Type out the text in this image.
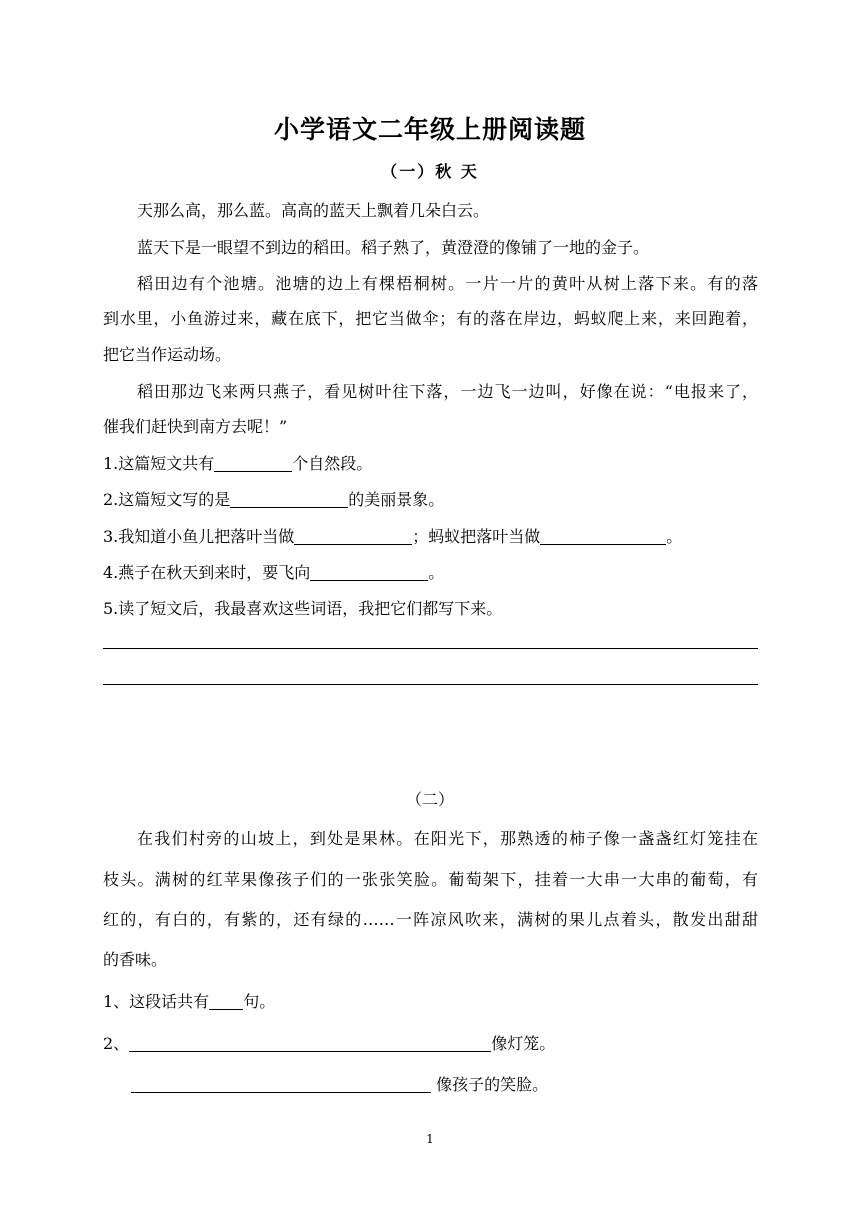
小学语文二年级上册阅读题
（一）秋 天
天那么高，那么蓝。高高的蓝天上飘着几朵白云。
蓝天下是一眼望不到边的稻田。稻子熟了，黄澄澄的像铺了一地的金子。
稻田边有个池塘。池塘的边上有棵梧桐树。一片一片的黄叶从树上落下来。有的落
到水里，小鱼游过来，藏在底下，把它当做伞；有的落在岸边，蚂蚁爬上来，来回跑着，
把它当作运动场。
稻田那边飞来两只燕子，看见树叶往下落，一边飞一边叫，好像在说：“电报来了，
催我们赶快到南方去呢！”
1.这篇短文共有	个自然段。
2.这篇短文写的是	的美丽景象。
3.我知道小鱼儿把落叶当做	；蚂蚁把落叶当做	。
4.燕子在秋天到来时，要飞向	。
5.读了短文后，我最喜欢这些词语，我把它们都写下来。
（二）
在我们村旁的山坡上，到处是果林。在阳光下，那熟透的柿子像一盏盏红灯笼挂在
枝头。满树的红苹果像孩子们的一张张笑脸。葡萄架下，挂着一大串一大串的葡萄，有
红的，有白的，有紫的，还有绿的……一阵凉风吹来，满树的果儿点着头，散发出甜甜
的香味。
1、这段话共有 句。
2、	像灯笼。
像孩子的笑脸。
1
